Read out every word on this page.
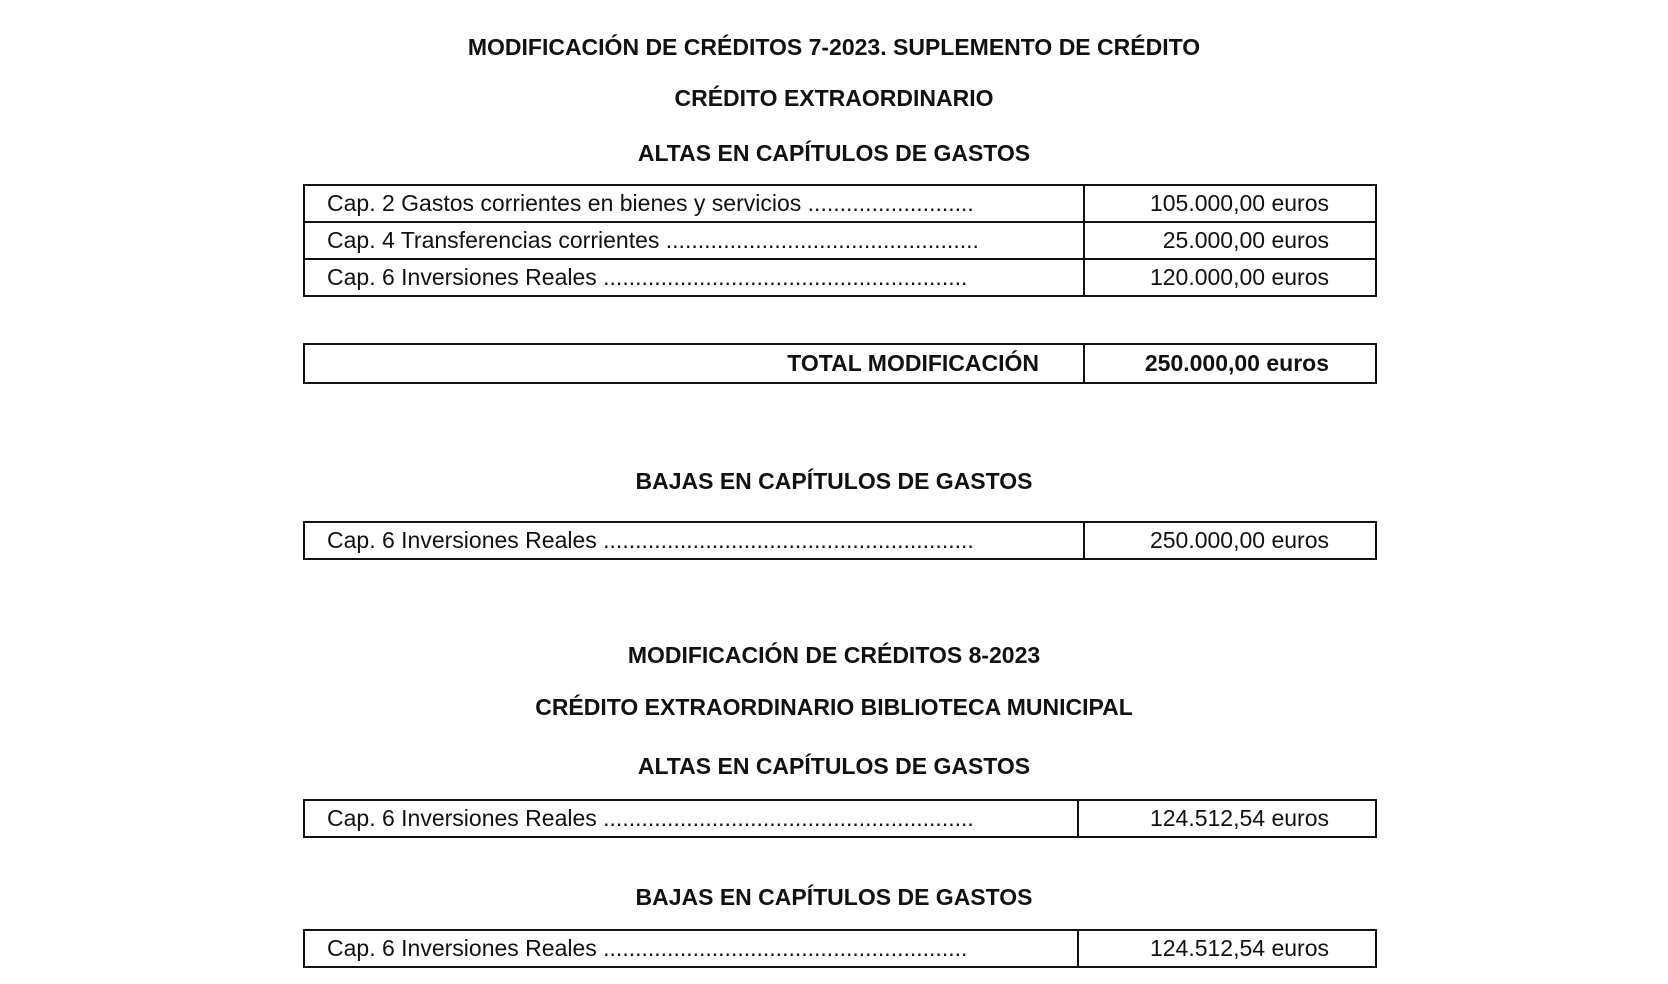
MODIFICACIÓN DE CRÉDITOS 7-2023. SUPLEMENTO DE CRÉDITO
CRÉDITO EXTRAORDINARIO
ALTAS EN CAPÍTULOS DE GASTOS
Cap. 2 Gastos corrientes en bienes y servicios ..........................	105.000,00 euros
Cap. 4 Transferencias corrientes .................................................	25.000,00 euros
Cap. 6 Inversiones Reales .........................................................	120.000,00 euros
TOTAL MODIFICACIÓN	250.000,00 euros
BAJAS EN CAPÍTULOS DE GASTOS
Cap. 6 Inversiones Reales ..........................................................	250.000,00 euros
MODIFICACIÓN DE CRÉDITOS 8-2023
CRÉDITO EXTRAORDINARIO BIBLIOTECA MUNICIPAL
ALTAS EN CAPÍTULOS DE GASTOS
Cap. 6 Inversiones Reales ..........................................................	124.512,54 euros
BAJAS EN CAPÍTULOS DE GASTOS
Cap. 6 Inversiones Reales .........................................................	124.512,54 euros
